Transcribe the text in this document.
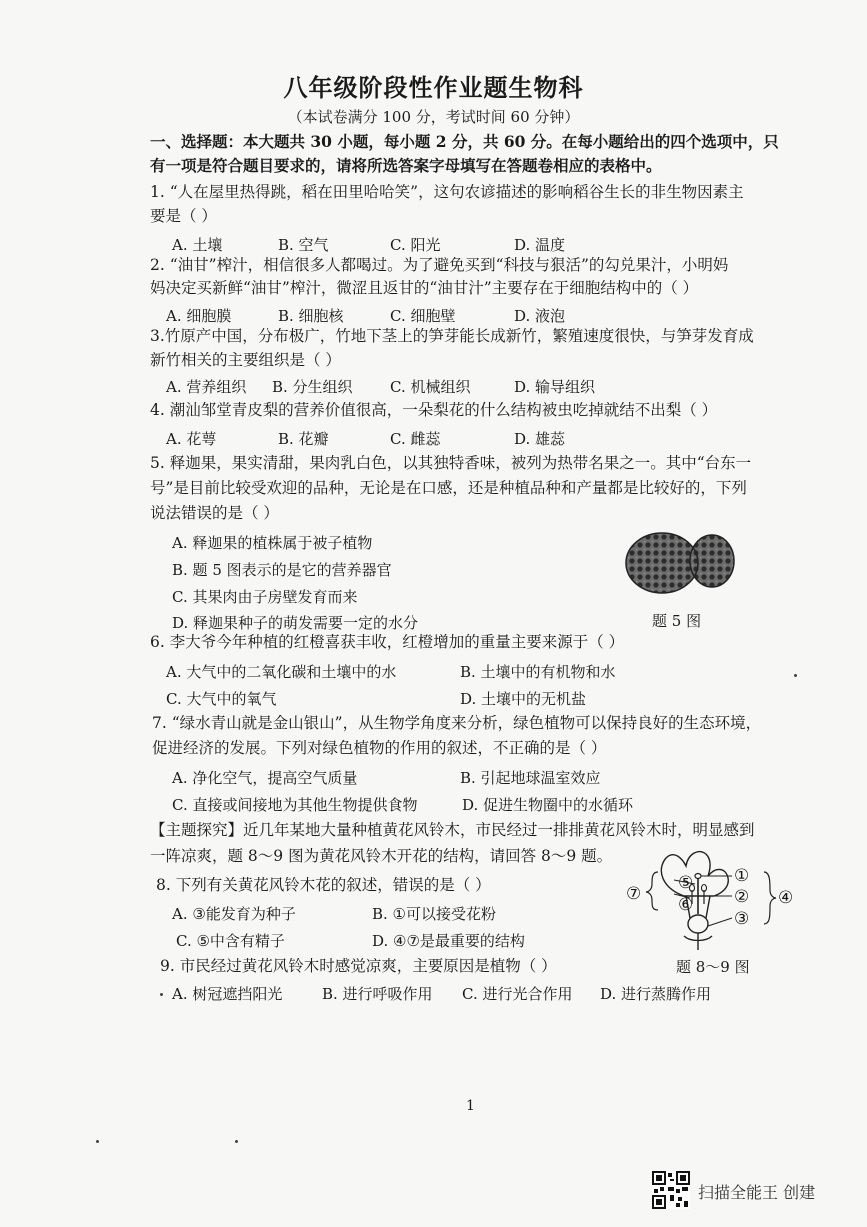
八年级阶段性作业题生物科
（本试卷满分 100 分，考试时间 60 分钟）
一、选择题：本大题共 30 小题，每小题 2 分，共 60 分。在每小题给出的四个选项中，只
有一项是符合题目要求的，请将所选答案字母填写在答题卷相应的表格中。
1. “人在屋里热得跳，稻在田里哈哈笑”，这句农谚描述的影响稻谷生长的非生物因素主
要是（ ）
A. 土壤	B. 空气	C. 阳光	D. 温度
2. “油甘”榨汁，相信很多人都喝过。为了避免买到“科技与狠活”的勾兑果汁，小明妈
妈决定买新鲜“油甘”榨汁，微涩且返甘的“油甘汁”主要存在于细胞结构中的（ ）
A. 细胞膜	B. 细胞核	C. 细胞壁	D. 液泡
3.竹原产中国，分布极广，竹地下茎上的笋芽能长成新竹，繁殖速度很快，与笋芽发育成
新竹相关的主要组织是（ ）
A. 营养组织 B. 分生组织 C. 机械组织	D. 输导组织
4. 潮汕邹堂青皮梨的营养价值很高，一朵梨花的什么结构被虫吃掉就结不出梨（ ）
A. 花萼	B. 花瓣	C. 雌蕊	D. 雄蕊
5. 释迦果，果实清甜，果肉乳白色，以其独特香味，被列为热带名果之一。其中“台东一
号”是目前比较受欢迎的品种，无论是在口感，还是种植品种和产量都是比较好的，下列
说法错误的是（ ）
A. 释迦果的植株属于被子植物
B. 题 5 图表示的是它的营养器官
C. 其果肉由子房壁发育而来
D. 释迦果种子的萌发需要一定的水分	题 5 图
6. 李大爷今年种植的红橙喜获丰收，红橙增加的重量主要来源于（ ）
A. 大气中的二氧化碳和土壤中的水	B. 土壤中的有机物和水
C. 大气中的氧气	D. 土壤中的无机盐
7. “绿水青山就是金山银山”，从生物学角度来分析，绿色植物可以保持良好的生态环境，
促进经济的发展。下列对绿色植物的作用的叙述，不正确的是（ ）
A. 净化空气，提高空气质量	B. 引起地球温室效应
C. 直接或间接地为其他生物提供食物	D. 促进生物圈中的水循环
【主题探究】近几年某地大量种植黄花风铃木，市民经过一排排黄花风铃木时，明显感到
一阵凉爽，题 8～9 图为黄花风铃木开花的结构，请回答 8～9 题。
8. 下列有关黄花风铃木花的叙述，错误的是（ ）
A. ③能发育为种子	B. ①可以接受花粉
C. ⑤中含有精子	D. ④⑦是最重要的结构
⑤
⑥
⑦
①
②
③
④
题 8～9 图
9. 市民经过黄花风铃木时感觉凉爽，主要原因是植物（ ）
A. 树冠遮挡阳光	B. 进行呼吸作用 C. 进行光合作用 D. 进行蒸腾作用
1
扫描全能王 创建
